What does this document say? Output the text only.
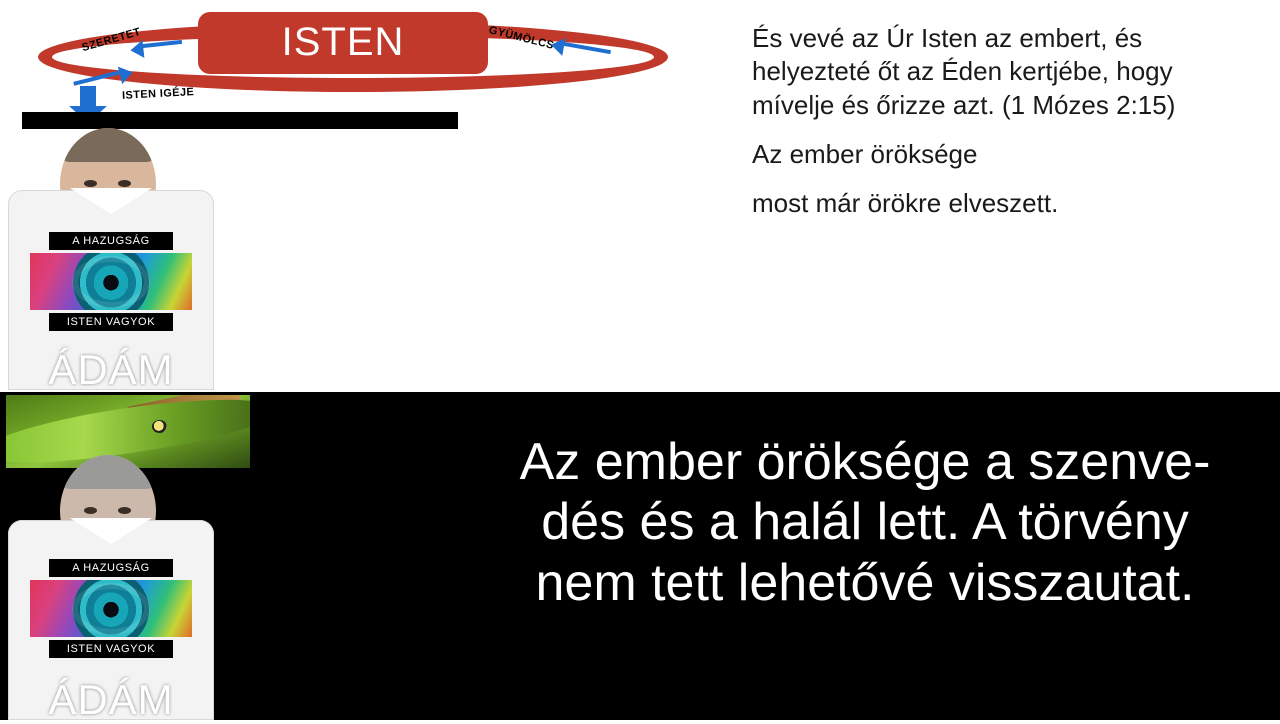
ISTEN
SZERETET	GYÜMÖLCS
ISTEN IGÉJE
A HAZUGSÁG
ISTEN VAGYOK
ÁDÁM
A HAZUGSÁG
ISTEN VAGYOK
ÁDÁM

És vevé az Úr Isten az embert, és helyezteté őt az Éden kertjébe, hogy mívelje és őrizze azt. (1 Mózes 2:15)

Az ember öröksége

most már örökre elveszett.

Az ember öröksége a szenve-
dés és a halál lett. A törvény
nem tett lehetővé visszautat.
